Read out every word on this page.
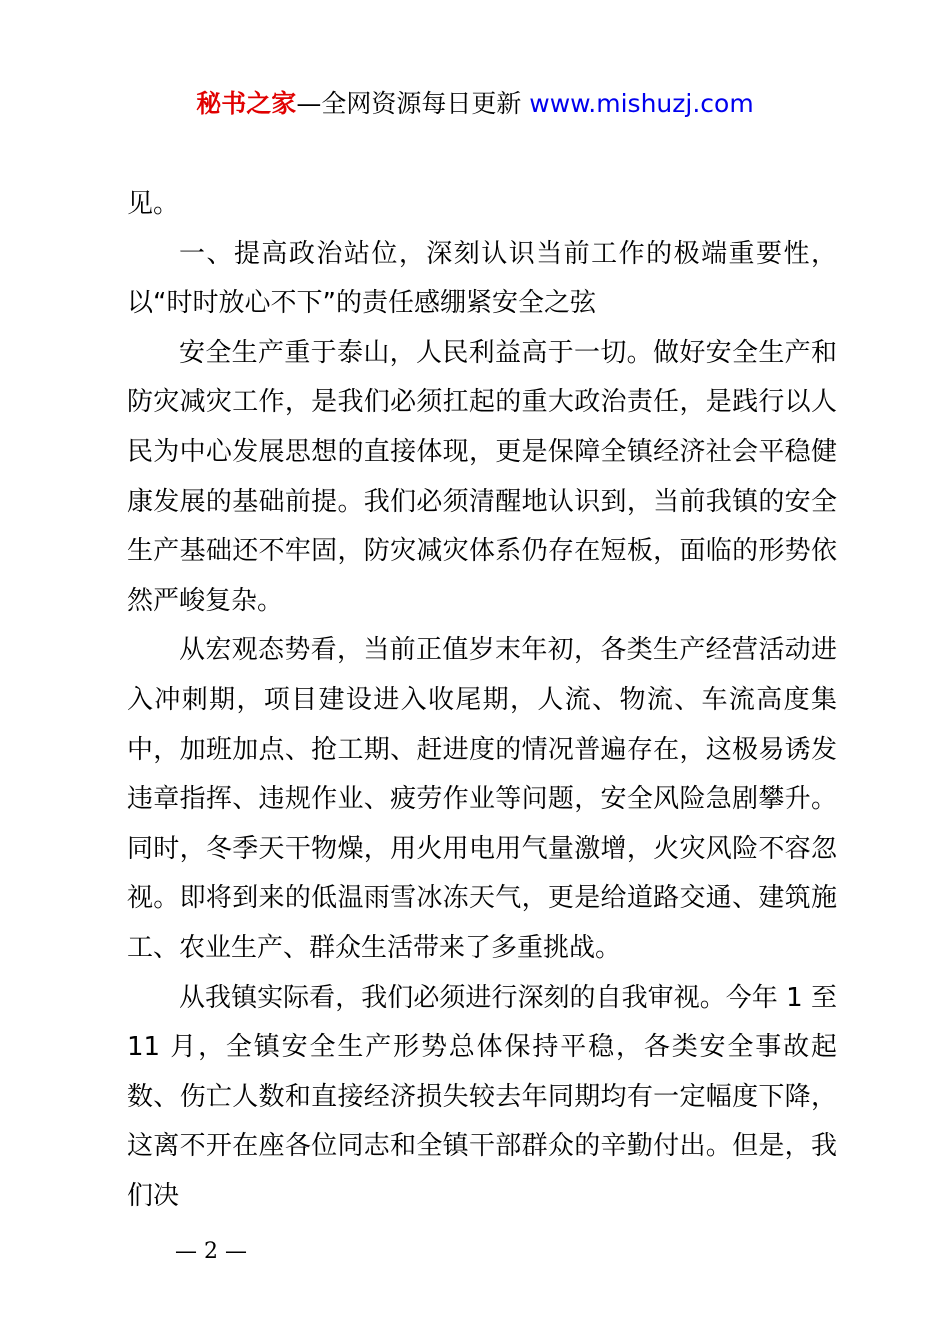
秘书之家—全网资源每日更新 www.mishuzj.com

见。

一、提高政治站位，深刻认识当前工作的极端重要性，以“时时放心不下”的责任感绷紧安全之弦

安全生产重于泰山，人民利益高于一切。做好安全生产和防灾减灾工作，是我们必须扛起的重大政治责任，是践行以人民为中心发展思想的直接体现，更是保障全镇经济社会平稳健康发展的基础前提。我们必须清醒地认识到，当前我镇的安全生产基础还不牢固，防灾减灾体系仍存在短板，面临的形势依然严峻复杂。

从宏观态势看，当前正值岁末年初，各类生产经营活动进入冲刺期，项目建设进入收尾期，人流、物流、车流高度集中，加班加点、抢工期、赶进度的情况普遍存在，这极易诱发违章指挥、违规作业、疲劳作业等问题，安全风险急剧攀升。同时，冬季天干物燥，用火用电用气量激增，火灾风险不容忽视。即将到来的低温雨雪冰冻天气，更是给道路交通、建筑施工、农业生产、群众生活带来了多重挑战。

从我镇实际看，我们必须进行深刻的自我审视。今年 1 至 11 月，全镇安全生产形势总体保持平稳，各类安全事故起数、伤亡人数和直接经济损失较去年同期均有一定幅度下降，这离不开在座各位同志和全镇干部群众的辛勤付出。但是，我们决

— 2 —
